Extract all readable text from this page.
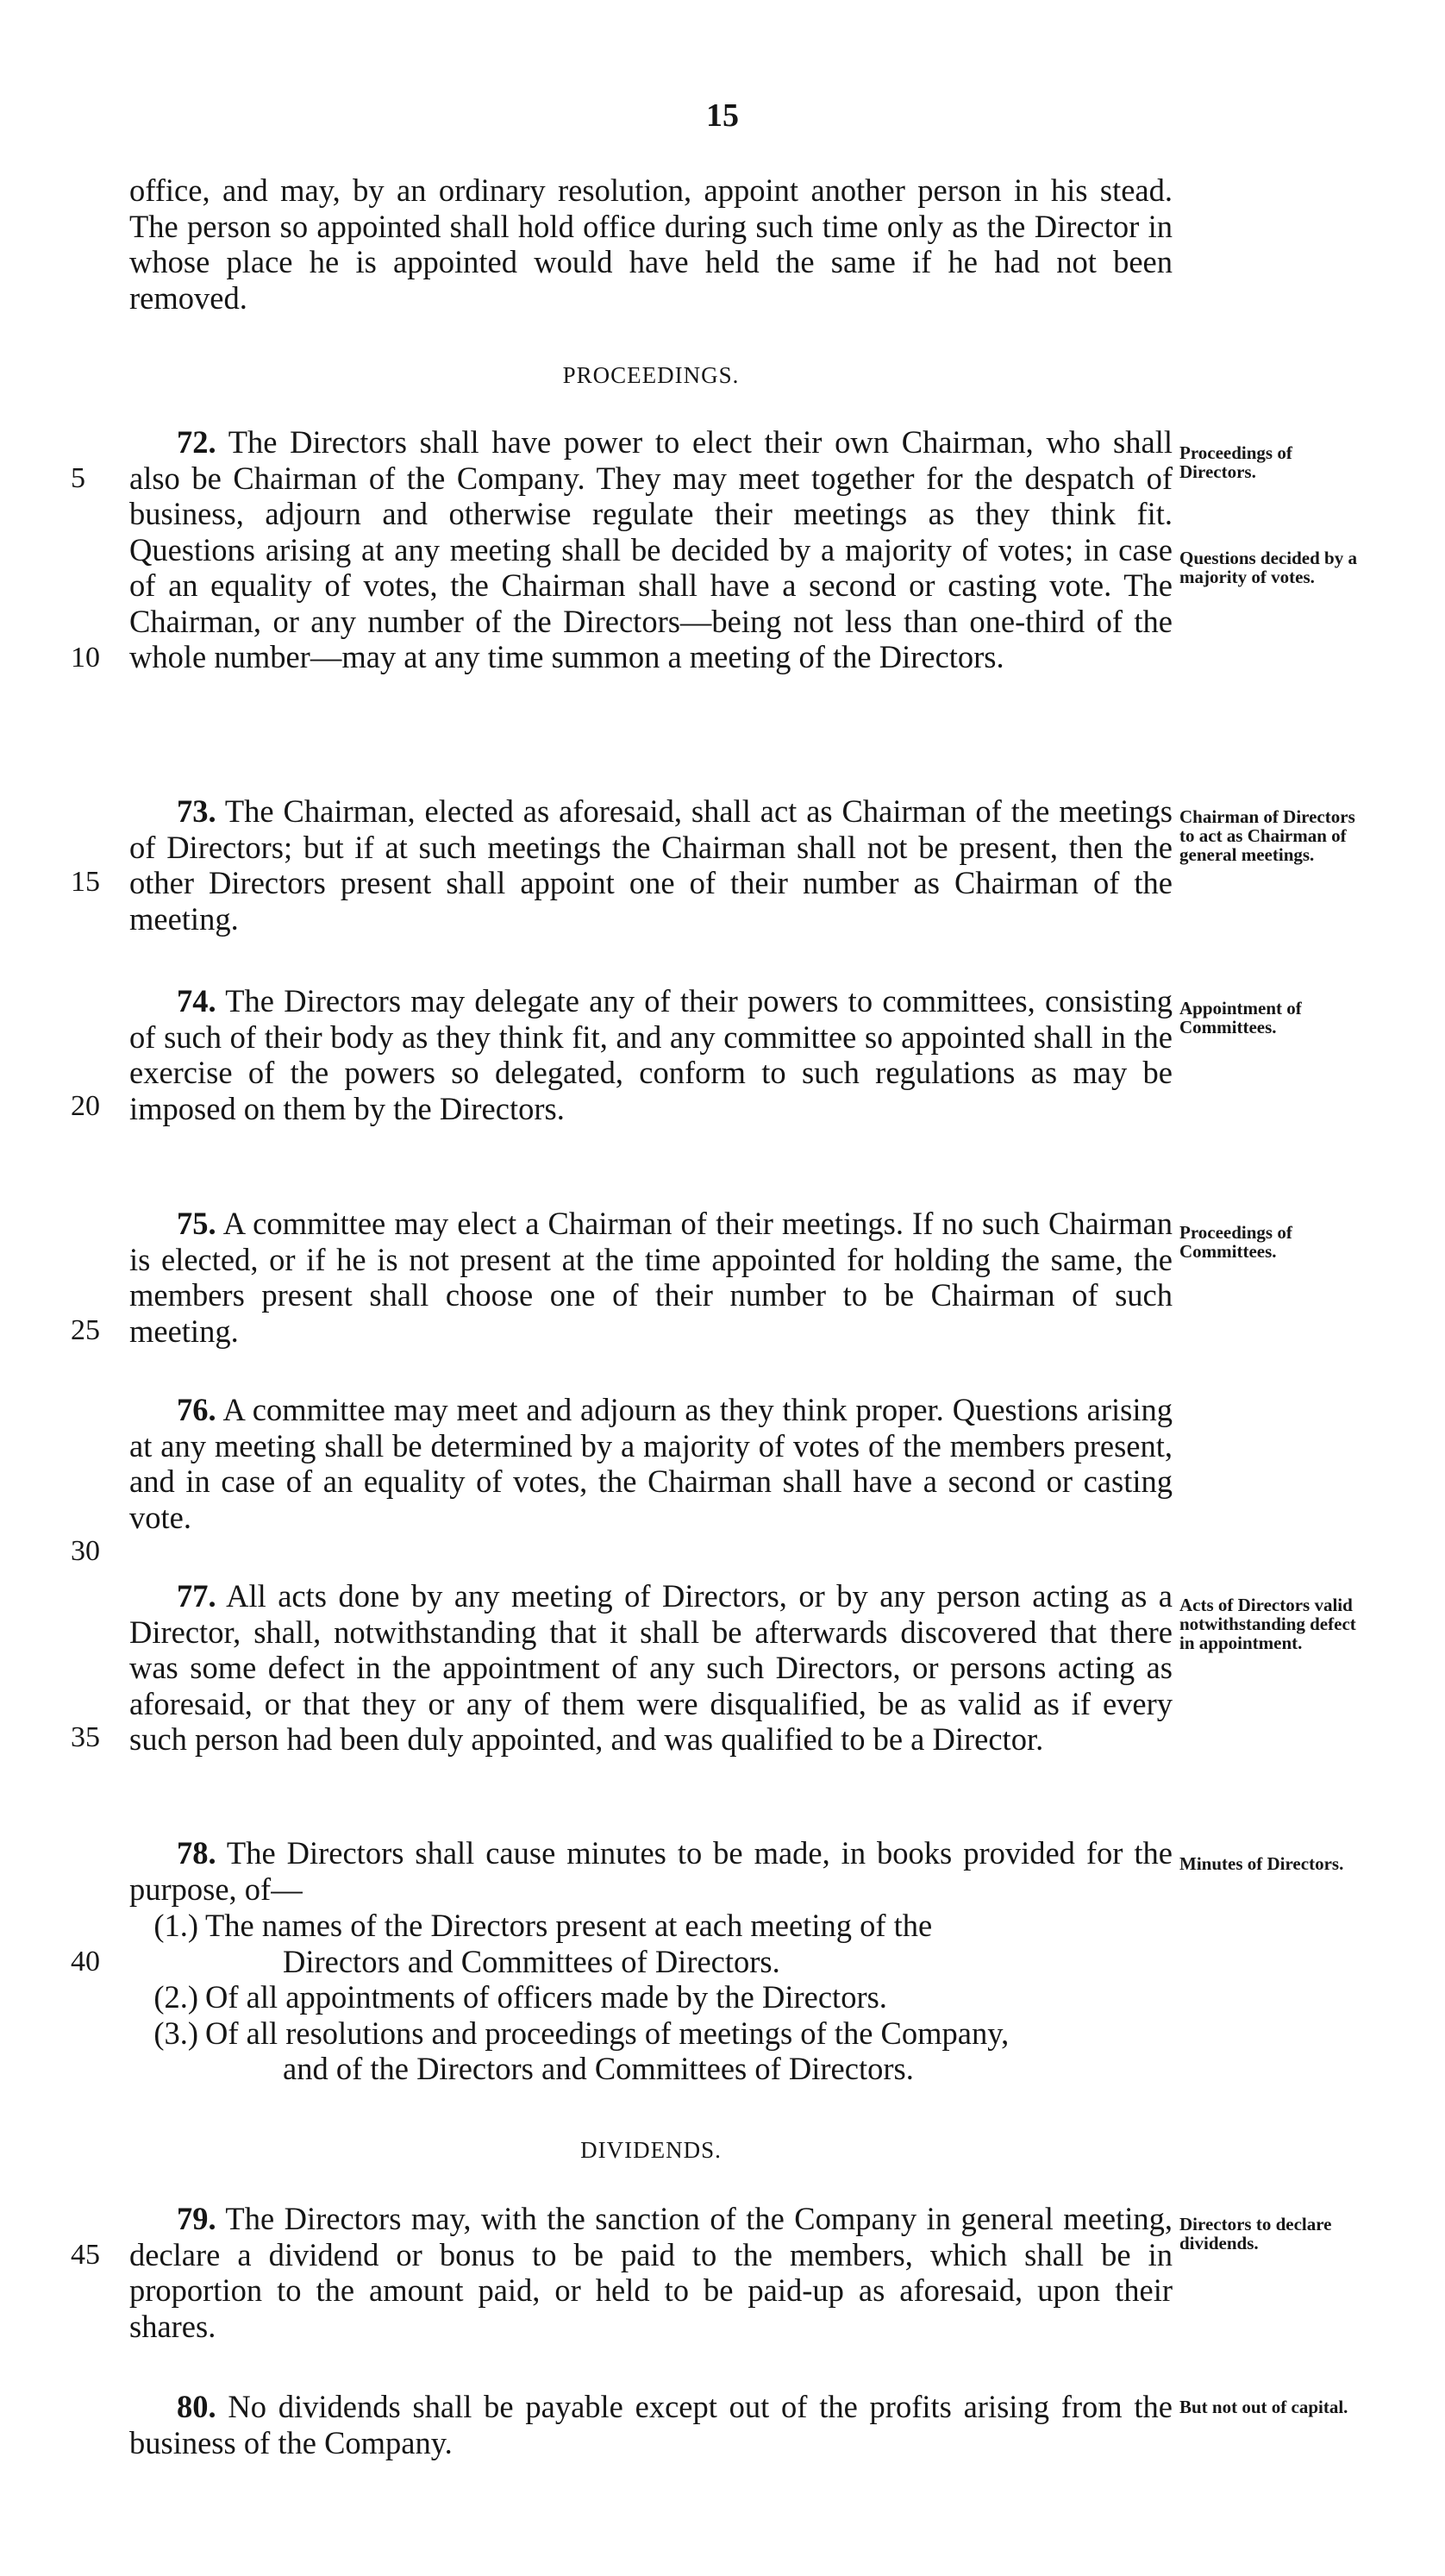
15

office, and may, by an ordinary resolution, appoint another person in his stead. The person so appointed shall hold office during such time only as the Director in whose place he is appointed would have held the same if he had not been removed.

PROCEEDINGS.

72. The Directors shall have power to elect their own Chairman, who shall also be Chairman of the Company. They may meet together for the despatch of business, adjourn and otherwise regulate their meetings as they think fit. Questions arising at any meeting shall be decided by a majority of votes; in case of an equality of votes, the Chairman shall have a second or casting vote. The Chairman, or any number of the Directors—being not less than one-third of the whole number—may at any time summon a meeting of the Directors.

Proceedings of Directors.
Questions decided by a majority of votes.

73. The Chairman, elected as aforesaid, shall act as Chairman of the meetings of Directors; but if at such meetings the Chairman shall not be present, then the other Directors present shall appoint one of their number as Chairman of the meeting.

Chairman of Directors to act as Chairman of general meetings.

74. The Directors may delegate any of their powers to committees, consisting of such of their body as they think fit, and any committee so appointed shall in the exercise of the powers so delegated, conform to such regulations as may be imposed on them by the Directors.

Appointment of Committees.

75. A committee may elect a Chairman of their meetings. If no such Chairman is elected, or if he is not present at the time appointed for holding the same, the members present shall choose one of their number to be Chairman of such meeting.

Proceedings of Committees.

76. A committee may meet and adjourn as they think proper. Questions arising at any meeting shall be determined by a majority of votes of the members present, and in case of an equality of votes, the Chairman shall have a second or casting vote.

77. All acts done by any meeting of Directors, or by any person acting as a Director, shall, notwithstanding that it shall be afterwards discovered that there was some defect in the appointment of any such Directors, or persons acting as aforesaid, or that they or any of them were disqualified, be as valid as if every such person had been duly appointed, and was qualified to be a Director.

Acts of Directors valid notwithstanding defect in appointment.

78. The Directors shall cause minutes to be made, in books provided for the purpose, of—

Minutes of Directors.
(1.) The names of the Directors present at each meeting of the
Directors and Committees of Directors.
(2.) Of all appointments of officers made by the Directors.
(3.) Of all resolutions and proceedings of meetings of the Company,
and of the Directors and Committees of Directors.
DIVIDENDS.

79. The Directors may, with the sanction of the Company in general meeting, declare a dividend or bonus to be paid to the members, which shall be in proportion to the amount paid, or held to be paid-up as aforesaid, upon their shares.

Directors to declare dividends.

80. No dividends shall be payable except out of the profits arising from the business of the Company.

But not out of capital.
5
10
15
20
25
30
35
40
45
